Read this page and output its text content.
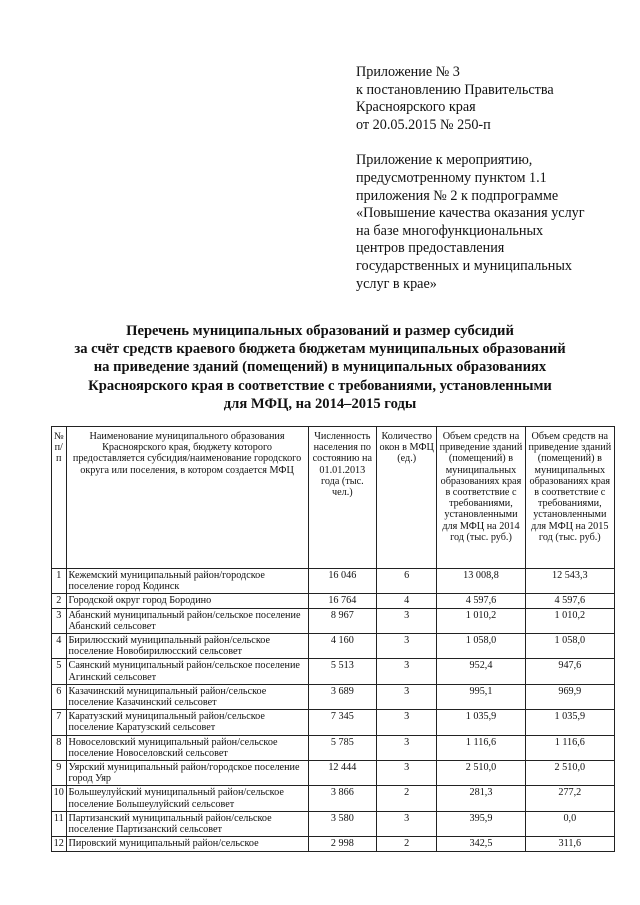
Приложение № 3
к постановлению Правительства
Красноярского края
от 20.05.2015 № 250-п
Приложение к мероприятию,
предусмотренному пунктом 1.1
приложения № 2 к подпрограмме
«Повышение качества оказания услуг
на базе многофункциональных
центров предоставления
государственных и муниципальных
услуг в крае»
Перечень муниципальных образований и размер субсидий
за счёт средств краевого бюджета бюджетам муниципальных образований
на приведение зданий (помещений) в муниципальных образованиях
Красноярского края в соответствие с требованиями, установленными
для МФЦ, на 2014–2015 годы
№ п/п	Наименование муниципального образования Красноярского края, бюджету которого предоставляется субсидия/наименование городского округа или поселения, в котором создается МФЦ	Численность населения по состоянию на 01.01.2013 года (тыс. чел.)	Количество окон в МФЦ (ед.)	Объем средств на приведение зданий (помещений) в муниципальных образованиях края в соответствие с требованиями, установленными для МФЦ на 2014 год (тыс. руб.)	Объем средств на приведение зданий (помещений) в муниципальных образованиях края в соответствие с требованиями, установленными для МФЦ на 2015 год (тыс. руб.)
1	Кежемский муниципальный район/городское поселение город Кодинск	16 046	6	13 008,8	12 543,3
2	Городской округ город Бородино	16 764	4	4 597,6	4 597,6
3	Абанский муниципальный район/сельское поселение Абанский сельсовет	8 967	3	1 010,2	1 010,2
4	Бирилюсский муниципальный район/сельское поселение Новобирилюсский сельсовет	4 160	3	1 058,0	1 058,0
5	Саянский муниципальный район/сельское поселение Агинский сельсовет	5 513	3	952,4	947,6
6	Казачинский муниципальный район/сельское поселение Казачинский сельсовет	3 689	3	995,1	969,9
7	Каратузский муниципальный район/сельское поселение Каратузский сельсовет	7 345	3	1 035,9	1 035,9
8	Новоселовский муниципальный район/сельское поселение Новоселовский сельсовет	5 785	3	1 116,6	1 116,6
9	Уярский муниципальный район/городское поселение город Уяр	12 444	3	2 510,0	2 510,0
10	Большеулуйский муниципальный район/сельское поселение Большеулуйский сельсовет	3 866	2	281,3	277,2
11	Партизанский муниципальный район/сельское поселение Партизанский сельсовет	3 580	3	395,9	0,0
12	Пировский муниципальный район/сельское	2 998	2	342,5	311,6
